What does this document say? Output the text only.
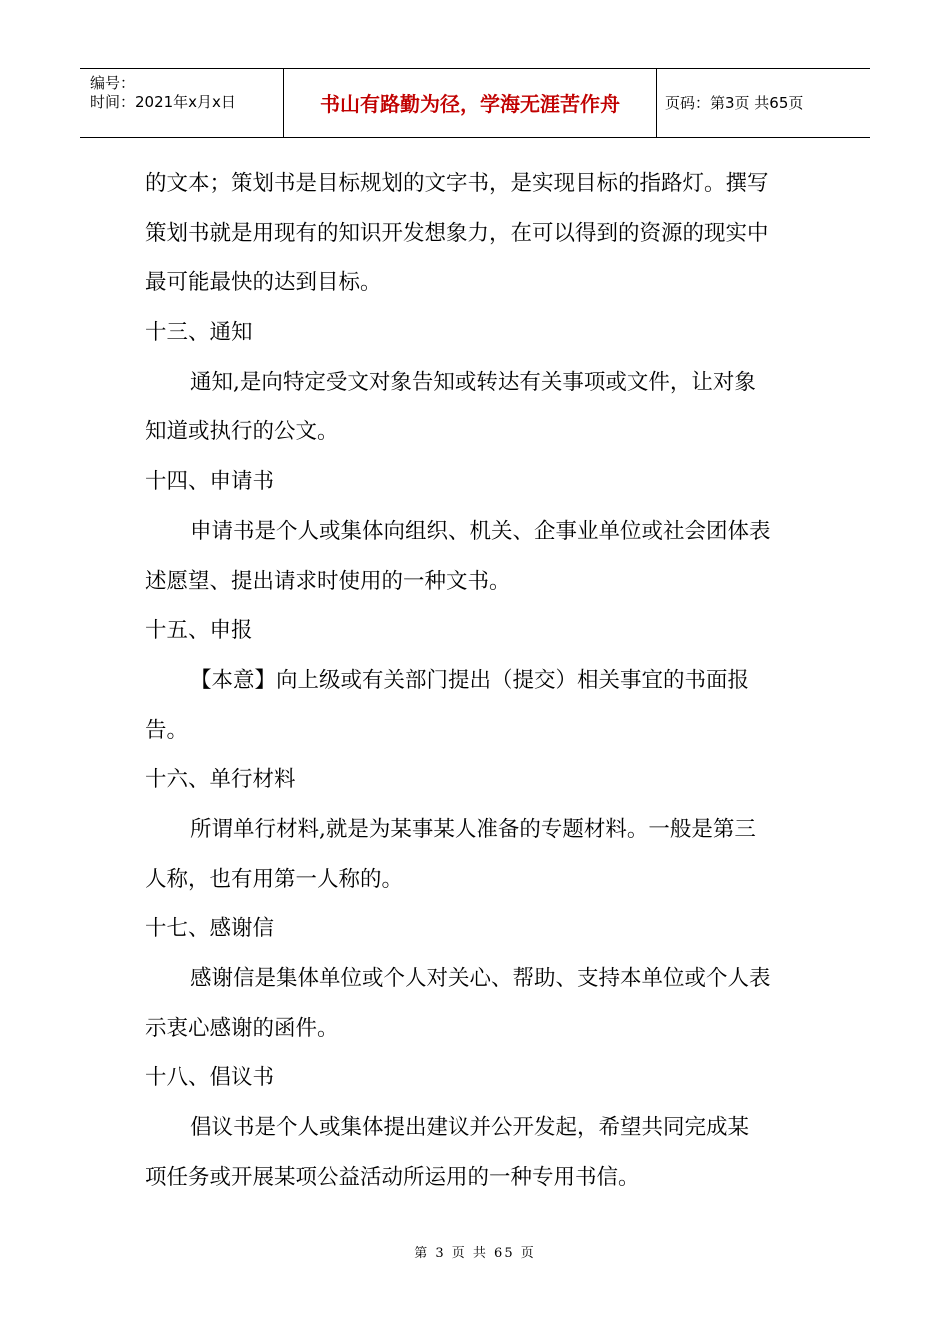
编号：
时间：2021年x月x日	书山有路勤为径，学海无涯苦作舟	页码：第3页 共65页
的文本；策划书是目标规划的文字书，是实现目标的指路灯。撰写
策划书就是用现有的知识开发想象力，在可以得到的资源的现实中
最可能最快的达到目标。
十三、通知
通知,是向特定受文对象告知或转达有关事项或文件，让对象
知道或执行的公文。
十四、申请书
申请书是个人或集体向组织、机关、企事业单位或社会团体表
述愿望、提出请求时使用的一种文书。
十五、申报
【本意】向上级或有关部门提出（提交）相关事宜的书面报
告。
十六、单行材料
所谓单行材料,就是为某事某人准备的专题材料。一般是第三
人称，也有用第一人称的。
十七、感谢信
感谢信是集体单位或个人对关心、帮助、支持本单位或个人表
示衷心感谢的函件。
十八、倡议书
倡议书是个人或集体提出建议并公开发起，希望共同完成某
项任务或开展某项公益活动所运用的一种专用书信。
第 3 页 共 65 页
